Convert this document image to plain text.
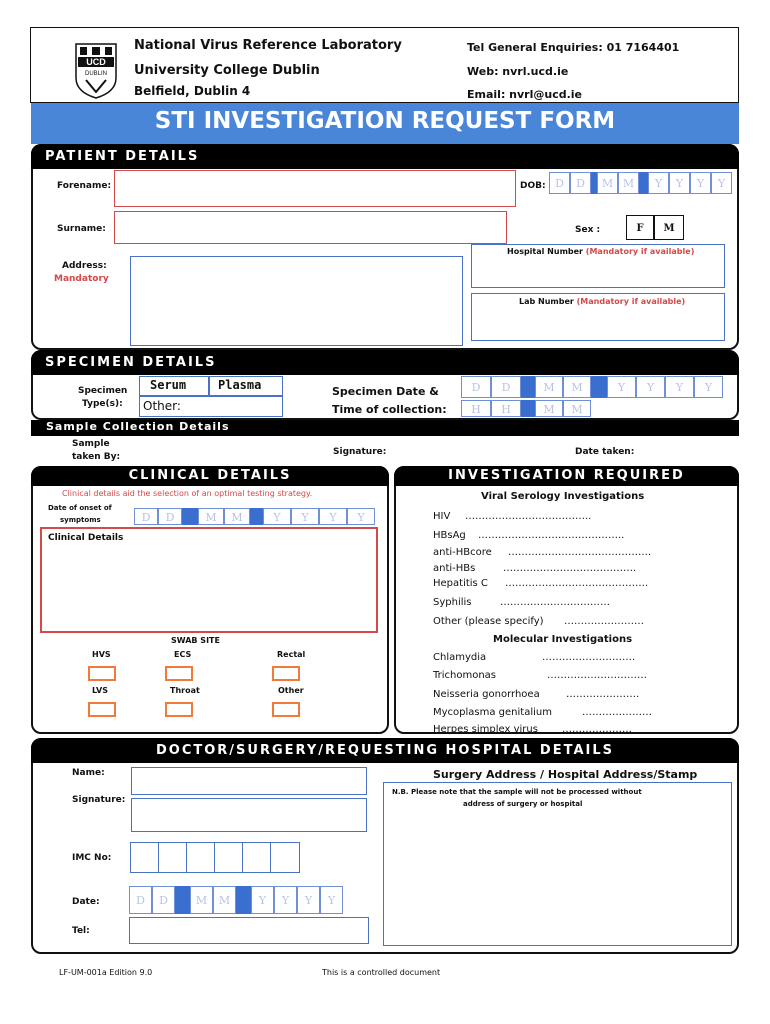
UCD
DUBLIN
National Virus Reference Laboratory
University College Dublin
Belfield, Dublin 4
Tel General Enquiries: 01 7164401
Web: nvrl.ucd.ie
Email: nvrl@ucd.ie
STI INVESTIGATION REQUEST FORM
PATIENT DETAILS
Forename:	DOB: D	D	M M	Y	Y	Y	Y
Surname:	Sex :	F	M
Address:
Mandatory
Hospital Number (Mandatory if available)
Lab Number (Mandatory if available)
SPECIMEN DETAILS
Specimen
Type(s):
Serum	Plasma
Other:
Specimen Date &
Time of collection:
D	D	M	M	Y	Y	Y	Y
H	H	M	M
Sample Collection Details
Sample
taken By:	Signature:	Date taken:
CLINICAL DETAILS
Clinical details aid the selection of an optimal testing strategy.
Date of onset of
symptoms	D	D	M	M	Y	Y	Y	Y
Clinical Details
SWAB SITE
HVS	ECS	Rectal
LVS	Throat	Other
INVESTIGATION REQUIRED
Viral Serology Investigations
HIV ………………………………..
HBsAg ……………………………………..
anti-HBcore …………………………………….
anti-HBs	………………………………….
Hepatitis C …………………………………….
Syphilis	……………………………
Other (please specify) ……………………
Molecular Investigations
Chlamydia	……………………….
Trichomonas	…………………………
Neisseria gonorrhoea	………………….
Mycoplasma genitalium	…………………
Herpes simplex virus …………………
DOCTOR/SURGERY/REQUESTING HOSPITAL DETAILS
Name:
Signature:
IMC No:
Date:	D	D	M	M	Y	Y	Y	Y
Tel:
Surgery Address / Hospital Address/Stamp
N.B. Please note that the sample will not be processed without
address of surgery or hospital
LF-UM-001a Edition 9.0	This is a controlled document
